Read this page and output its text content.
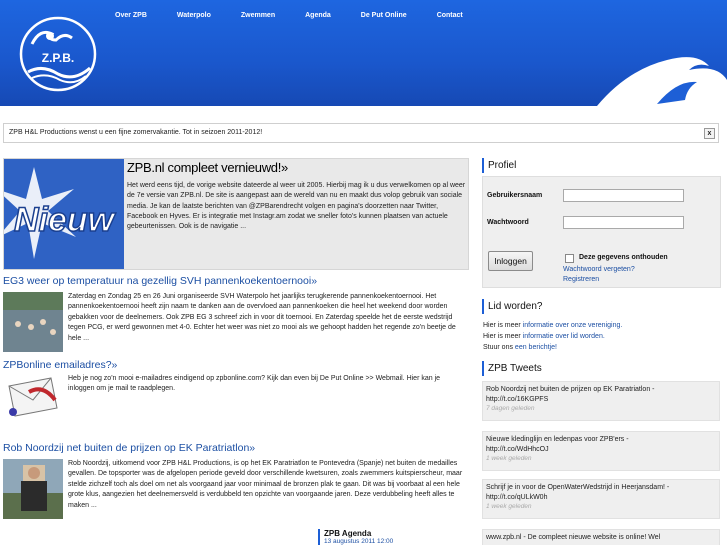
Z.P.B.
Over ZPB	Waterpolo	Zwemmen	Agenda	De Put Online	Contact
ZPB H&L Productions wenst u een fijne zomervakantie. Tot in seizoen 2011-2012!	x
Nieuw
ZPB.nl compleet vernieuwd!»
Het werd eens tijd, de vorige website dateerde al weer uit 2005. Hierbij mag ik u dus verwelkomen op al weer de 7e versie van ZPB.nl. De site is aangepast aan de wereld van nu en maakt dus volop gebruik van sociale media. Je kan de laatste berichten van @ZPBarendrecht volgen en pagina's doorzetten naar Twitter, Facebook en Hyves. Er is integratie met Instagr.am zodat we sneller foto's kunnen plaatsen van actuele gebeurtenissen. Ook is de navigatie ...
EG3 weer op temperatuur na gezellig SVH pannenkoekentoernooi»
Zaterdag en Zondag 25 en 26 Juni organiseerde SVH Waterpolo het jaarlijks terugkerende pannenkoekentoernooi. Het pannenkoekentoernooi heeft zijn naam te danken aan de overvloed aan pannenkoeken die heel het weekend door worden gebakken voor de deelnemers. Ook ZPB EG 3 schreef zich in voor dit toernooi. En Zaterdag speelde het de eerste wedstrijd tegen PCG, er werd gewonnen met 4-0. Echter het weer was niet zo mooi als we gehoopt hadden het regende zo'n beetje de hele ...
ZPBonline emailadres?»
Heb je nog zo'n mooi e-mailadres eindigend op zpbonline.com? Kijk dan even bij De Put Online >> Webmail. Hier kan je inloggen om je mail te raadplegen.
Rob Noordzij net buiten de prijzen op EK Paratriatlon»
Rob Noordzij, uitkomend voor ZPB H&L Productions, is op het EK Paratriatlon te Pontevedra (Spanje) net buiten de medailles gevallen. De topsporter was de afgelopen periode geveld door verschillende kwetsuren, zoals zwemmers kuitspierscheur, maar stelde zichzelf toch als doel om net als voorgaand jaar voor minimaal de bronzen plak te gaan. Dit was bij voorbaat al een hele grote klus, aangezien het deelnemersveld is verdubbeld ten opzichte van voorgaande jaren. Deze verdubbeling heeft alles te maken ...
ZPB Agenda
13 augustus 2011 12:00
Profiel
Gebruikersnaam
Wachtwoord
Inloggen	Deze gegevens onthouden
Wachtwoord vergeten?
Registreren
Lid worden?
Hier is meer informatie over onze vereniging.
Hier is meer informatie over lid worden.
Stuur ons een berichtje!
ZPB Tweets
Rob Noordzij net buiten de prijzen op EK Paratriatlon -
http://t.co/16KGPFS
7 dagen geleden
Nieuwe kledinglijn en ledenpas voor ZPB'ers -
http://t.co/WdHhcOJ
1 week geleden
Schrijf je in voor de OpenWaterWedstrijd in Heerjansdam! -
http://t.co/qULkW0h
1 week geleden
www.zpb.nl - De compleet nieuwe website is online! Wel
